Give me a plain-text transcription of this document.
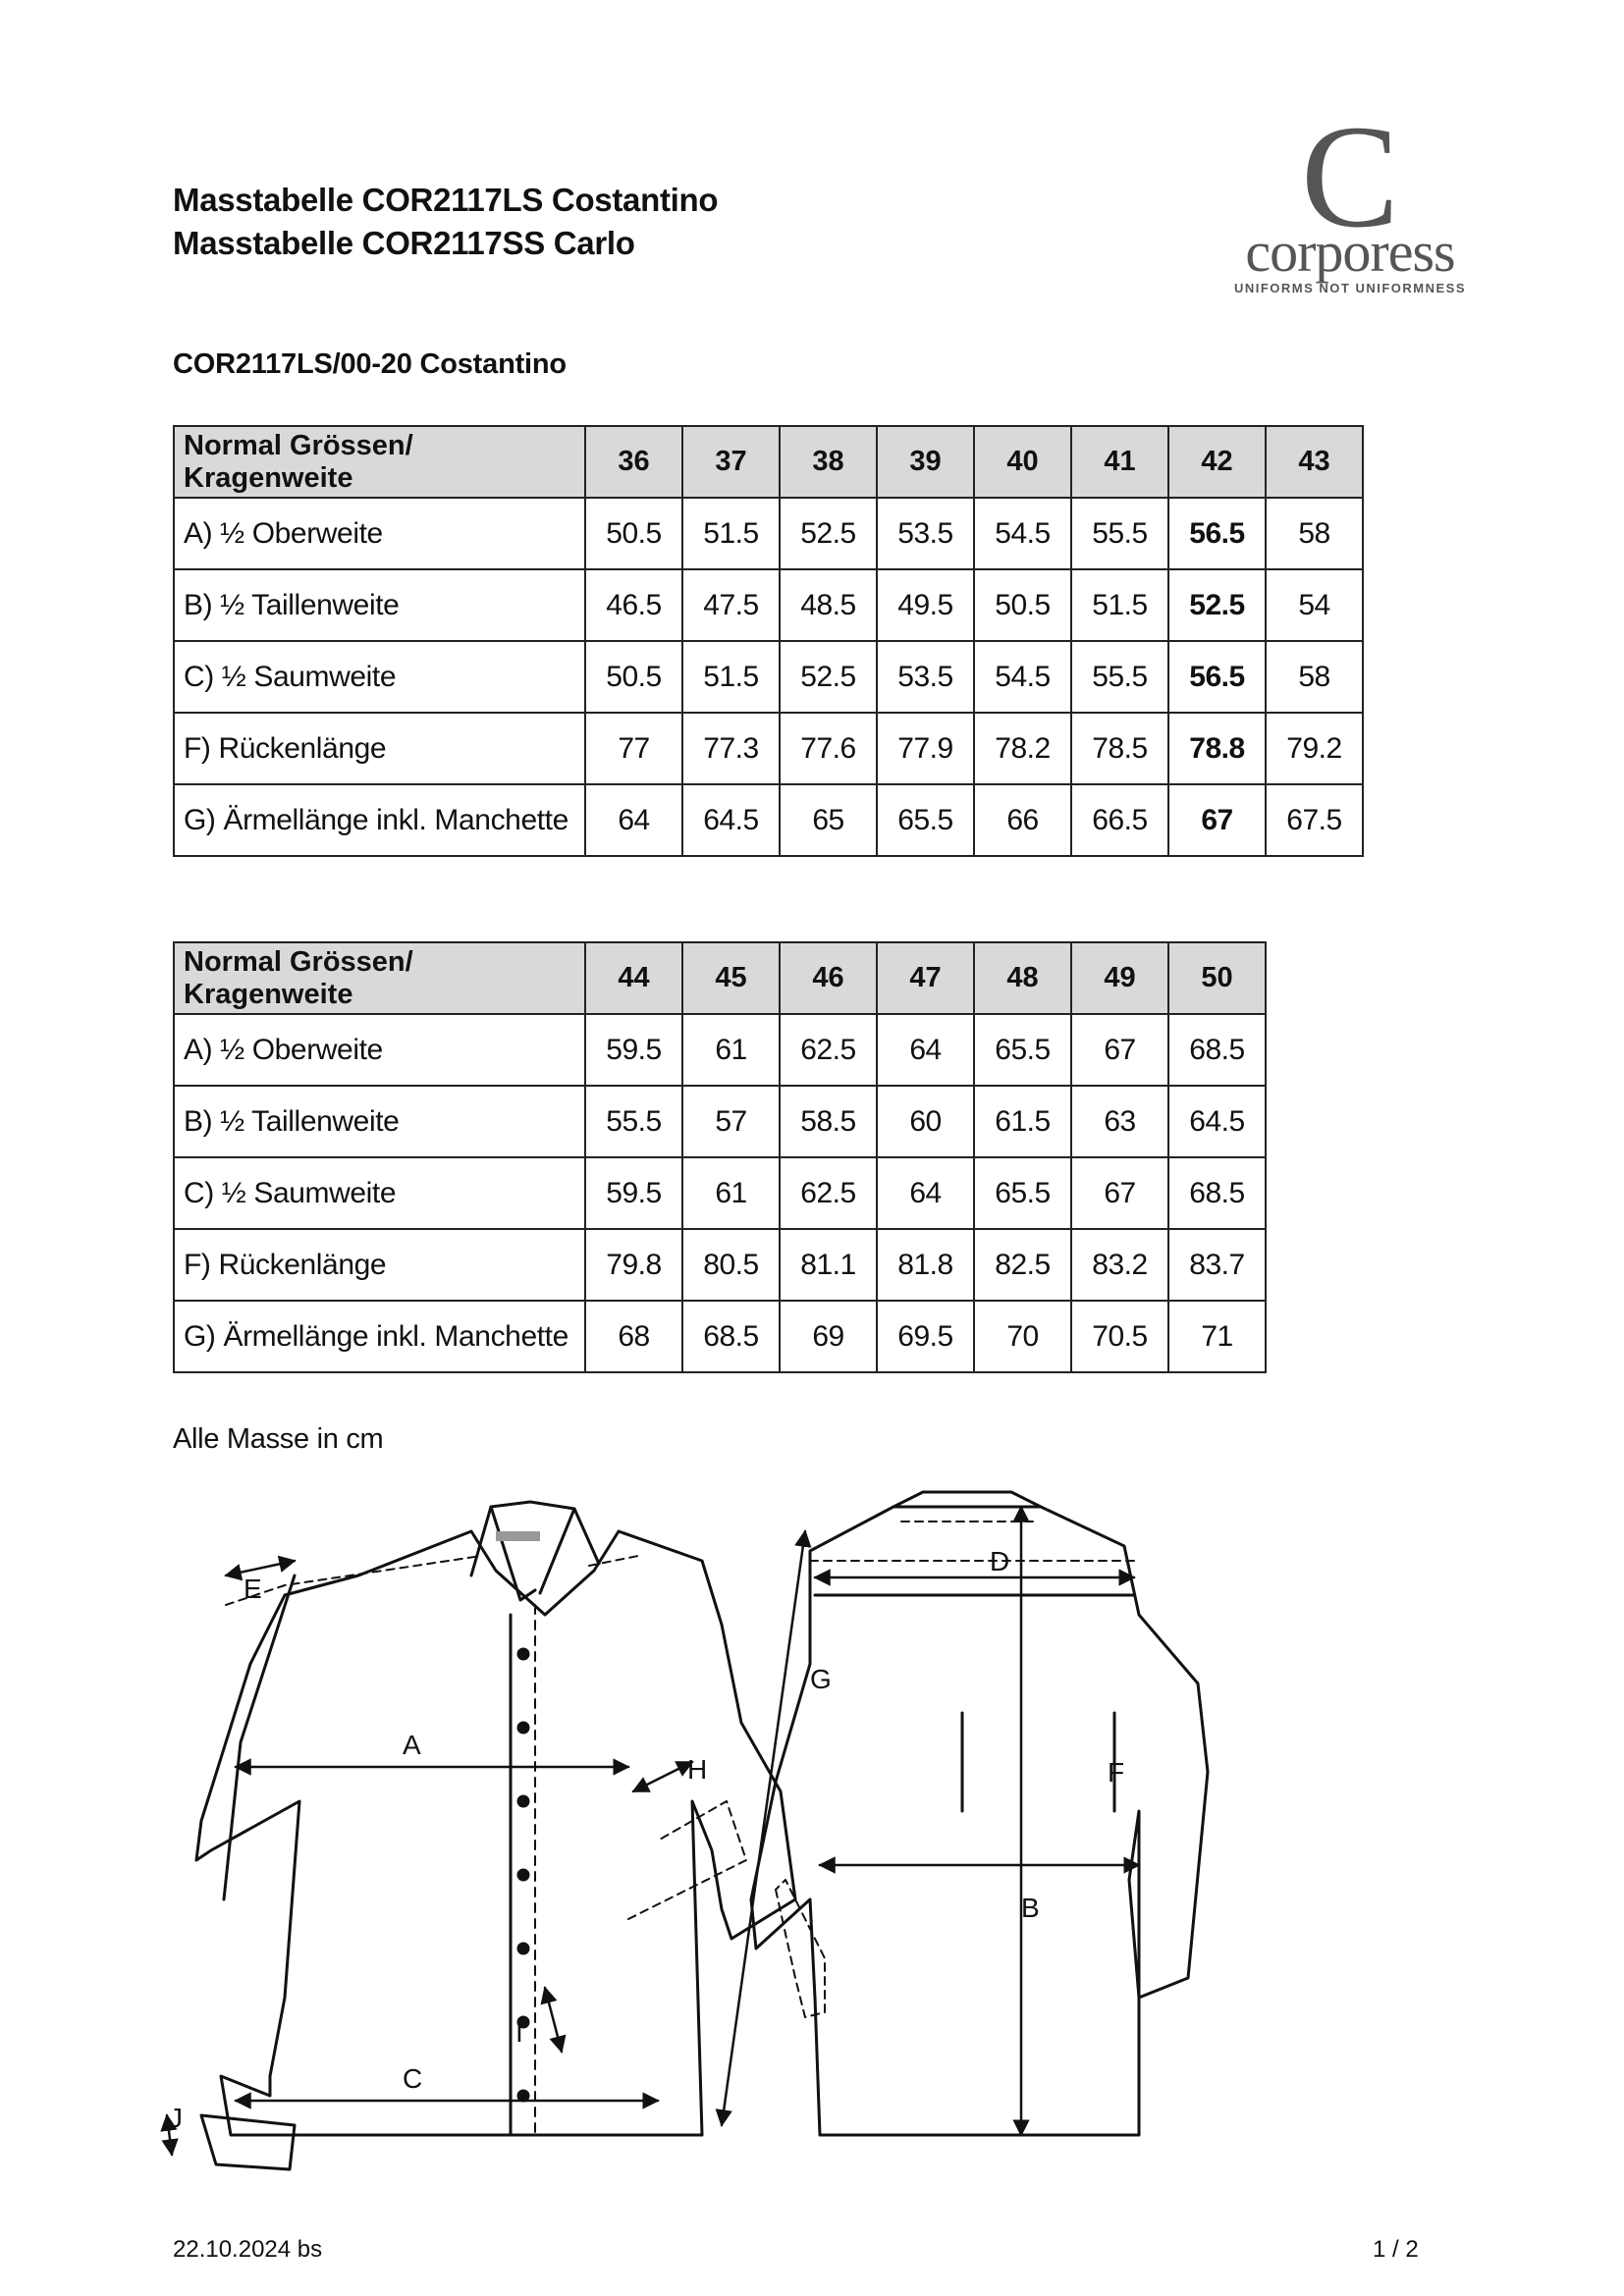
Masstabelle COR2117LS Costantino
Masstabelle COR2117SS Carlo
COR2117LS/00-20 Costantino
C
corporess
UNIFORMS NOT UNIFORMNESS
Normal Grössen/ Kragenweite	36	37	38	39	40	41	42	43
A) ½ Oberweite	50.5	51.5	52.5	53.5	54.5	55.5	56.5	58
B) ½ Taillenweite	46.5	47.5	48.5	49.5	50.5	51.5	52.5	54
C) ½ Saumweite	50.5	51.5	52.5	53.5	54.5	55.5	56.5	58
F) Rückenlänge	77	77.3	77.6	77.9	78.2	78.5	78.8	79.2
G) Ärmellänge inkl. Manchette	64	64.5	65	65.5	66	66.5	67	67.5
Normal Grössen/ Kragenweite	44	45	46	47	48	49	50
A) ½ Oberweite	59.5	61	62.5	64	65.5	67	68.5
B) ½ Taillenweite	55.5	57	58.5	60	61.5	63	64.5
C) ½ Saumweite	59.5	61	62.5	64	65.5	67	68.5
F) Rückenlänge	79.8	80.5	81.1	81.8	82.5	83.2	83.7
G) Ärmellänge inkl. Manchette	68	68.5	69	69.5	70	70.5	71
Alle Masse in cm
A
C
E
H
I
J
D
F
B
G
22.10.2024 bs	1 / 2
